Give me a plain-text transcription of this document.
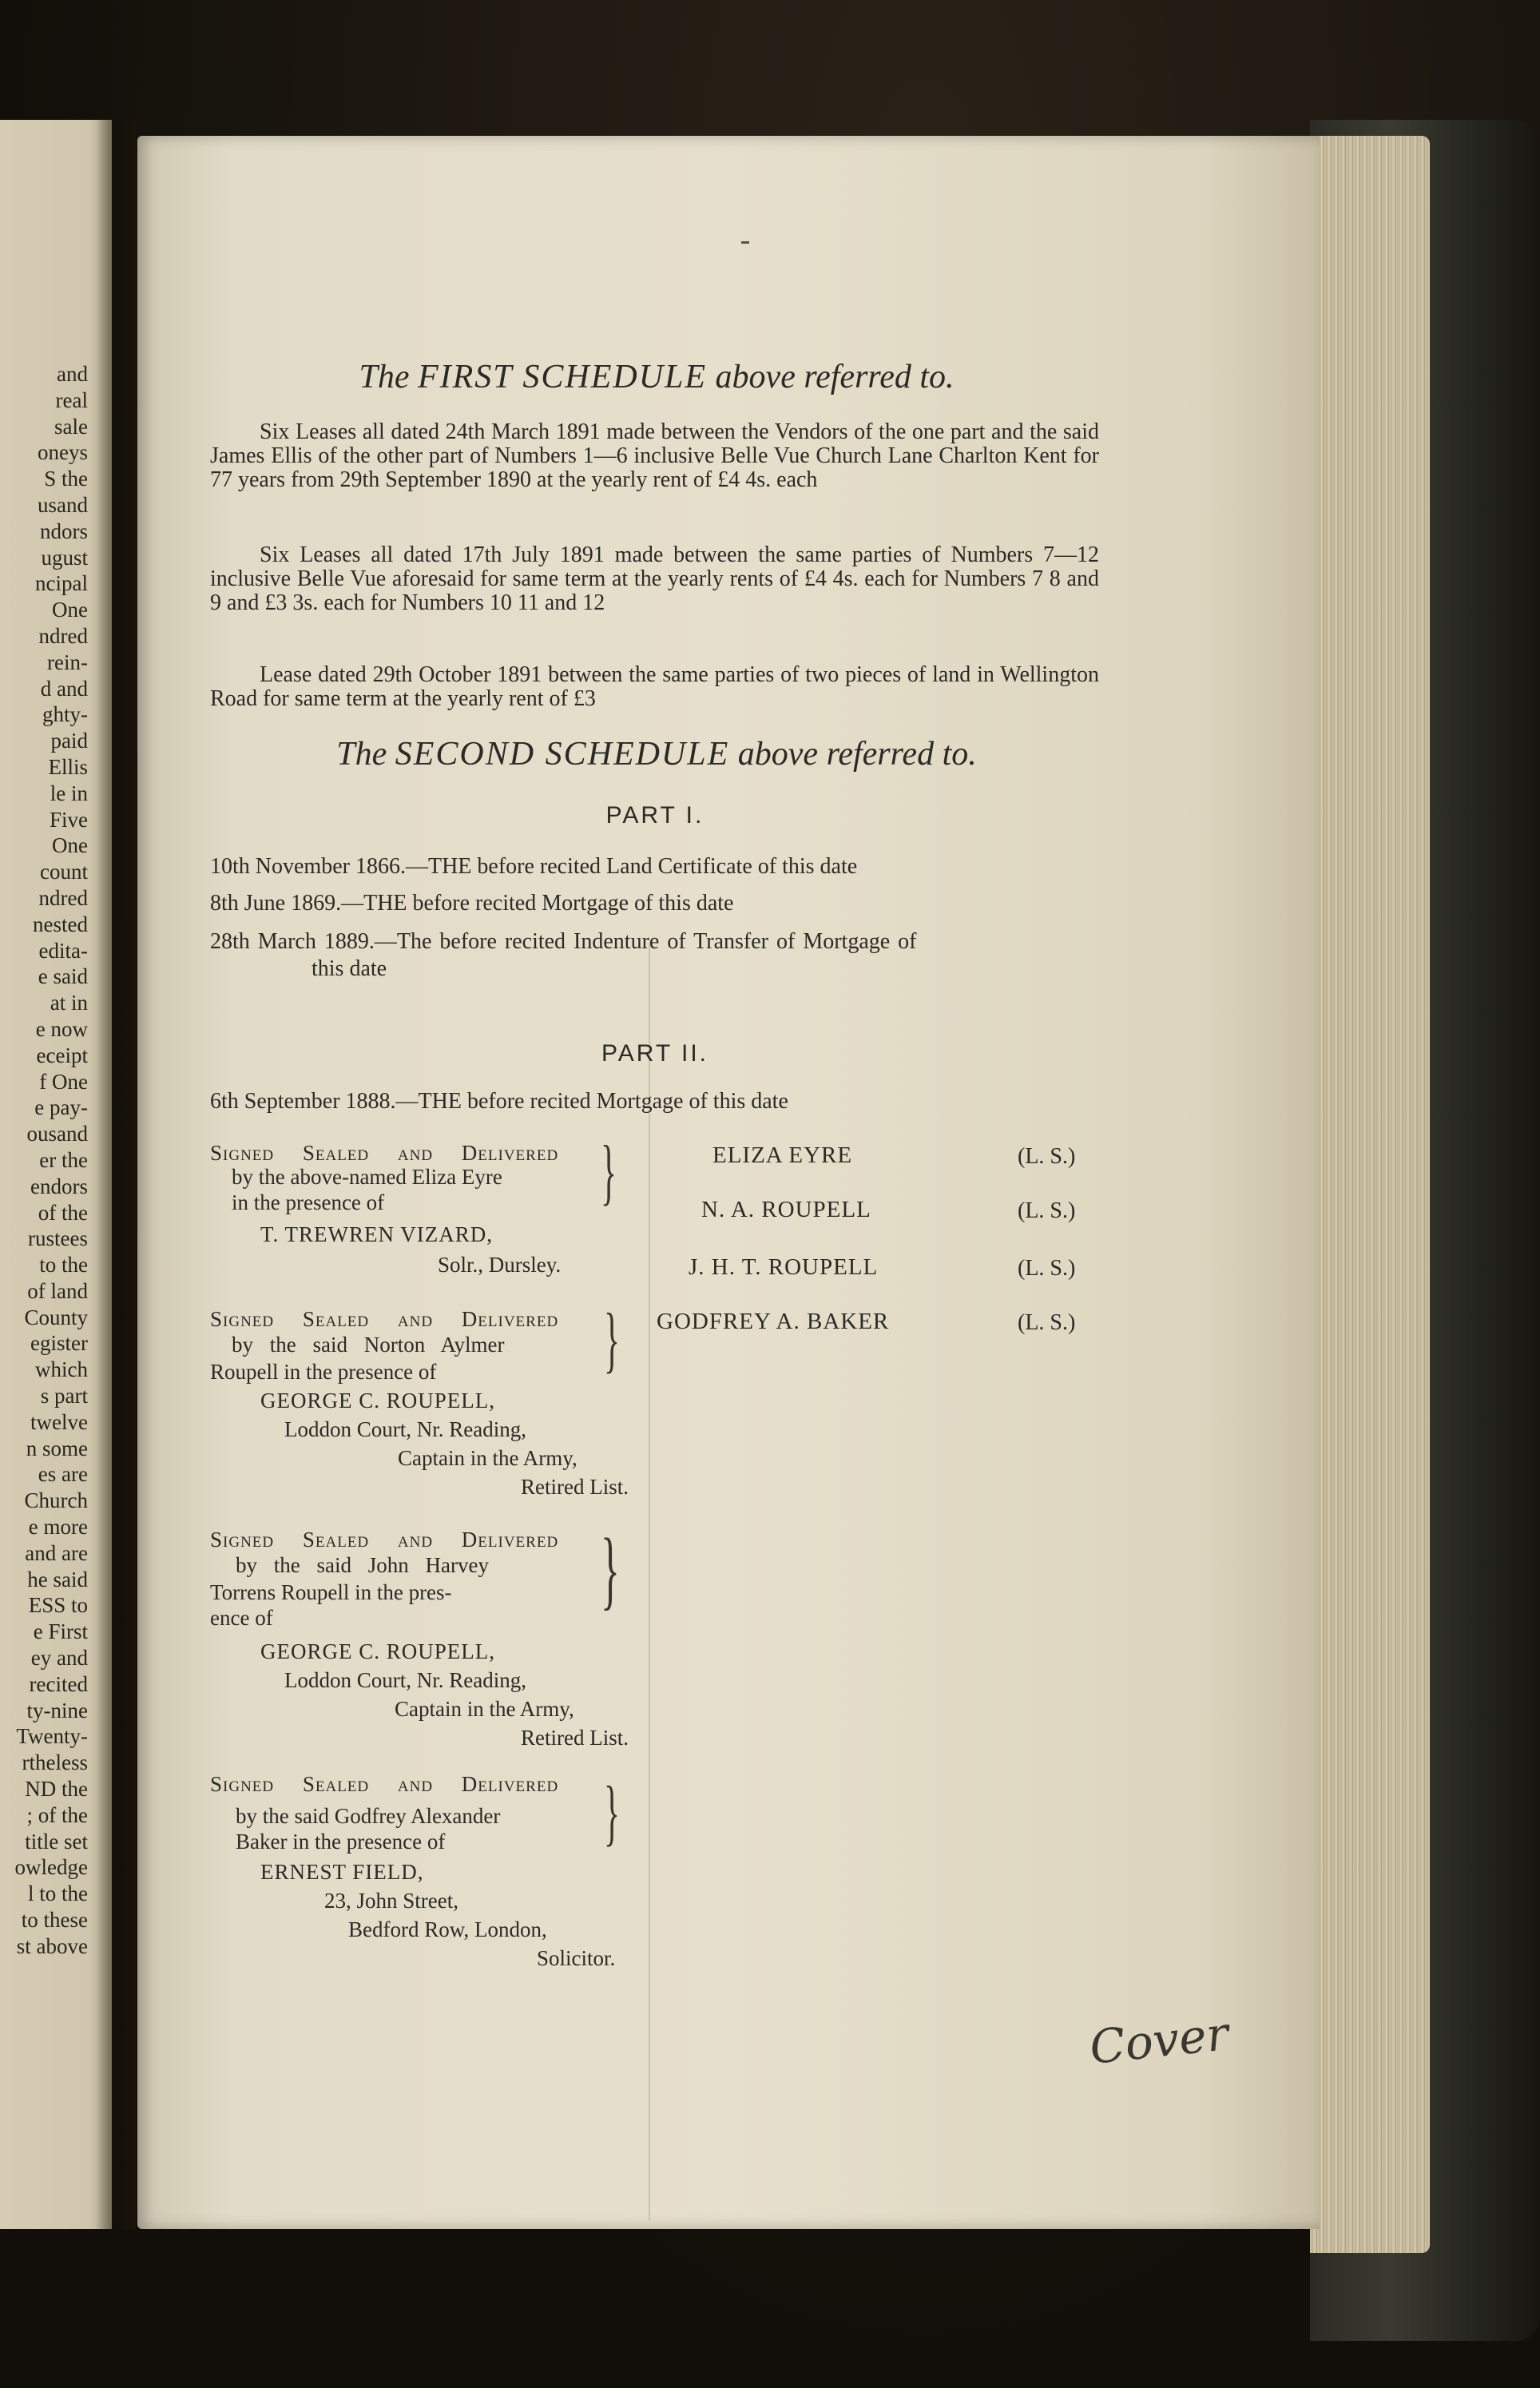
and
real
sale
oneys
S the
usand
ndors
ugust
ncipal
One
ndred
rein-
d and
ghty-
paid
Ellis
le in
Five
One
count
ndred
nested
edita-
e said
at in
e now
eceipt
f One
e pay-
ousand
er the
endors
of the
rustees
to the
of land
County
egister
which
s part
twelve
n some
es are
Church
e more
and are
he said
ESS to
e First
ey and
recited
ty-nine
Twenty-
rtheless
ND the
; of the
title set
owledge
l to the
to these
st above
The FIRST SCHEDULE above referred to.
Six Leases all dated 24th March 1891 made between the Vendors of the one part and the said James Ellis of the other part of Numbers 1—6 inclusive Belle Vue Church Lane Charlton Kent for 77 years from 29th September 1890 at the yearly rent of £4 4s. each
Six Leases all dated 17th July 1891 made between the same parties of Numbers 7—12 inclusive Belle Vue aforesaid for same term at the yearly rents of £4 4s. each for Numbers 7 8 and 9 and £3 3s. each for Numbers 10 11 and 12
Lease dated 29th October 1891 between the same parties of two pieces of land in Wellington Road for same term at the yearly rent of £3
The SECOND SCHEDULE above referred to.
PART I.
10th November 1866.—THE before recited Land Certificate of this date
8th June 1869.—THE before recited Mortgage of this date
28th March 1889.—The before recited Indenture of Transfer of Mortgage of
this date
PART II.
6th September 1888.—THE before recited Mortgage of this date
Signed Sealed and Delivered
by the above-named Eliza Eyre
in the presence of	}
T. TREWREN VIZARD,
Solr., Dursley.
Signed Sealed and Delivered
by the said Norton Aylmer
Roupell in the presence of }
GEORGE C. ROUPELL,
Loddon Court, Nr. Reading,
Captain in the Army,
Retired List.
Signed Sealed and Delivered
by the said John Harvey
Torrens Roupell in the pres-
ence of	}
GEORGE C. ROUPELL,
Loddon Court, Nr. Reading,
Captain in the Army,
Retired List.
Signed Sealed and Delivered
by the said Godfrey Alexander
Baker in the presence of }
ERNEST FIELD,
23, John Street,
Bedford Row, London,
Solicitor.
ELIZA EYRE	(L. S.)
N. A. ROUPELL	(L. S.)
J. H. T. ROUPELL	(L. S.)
GODFREY A. BAKER	(L. S.)
Cover
